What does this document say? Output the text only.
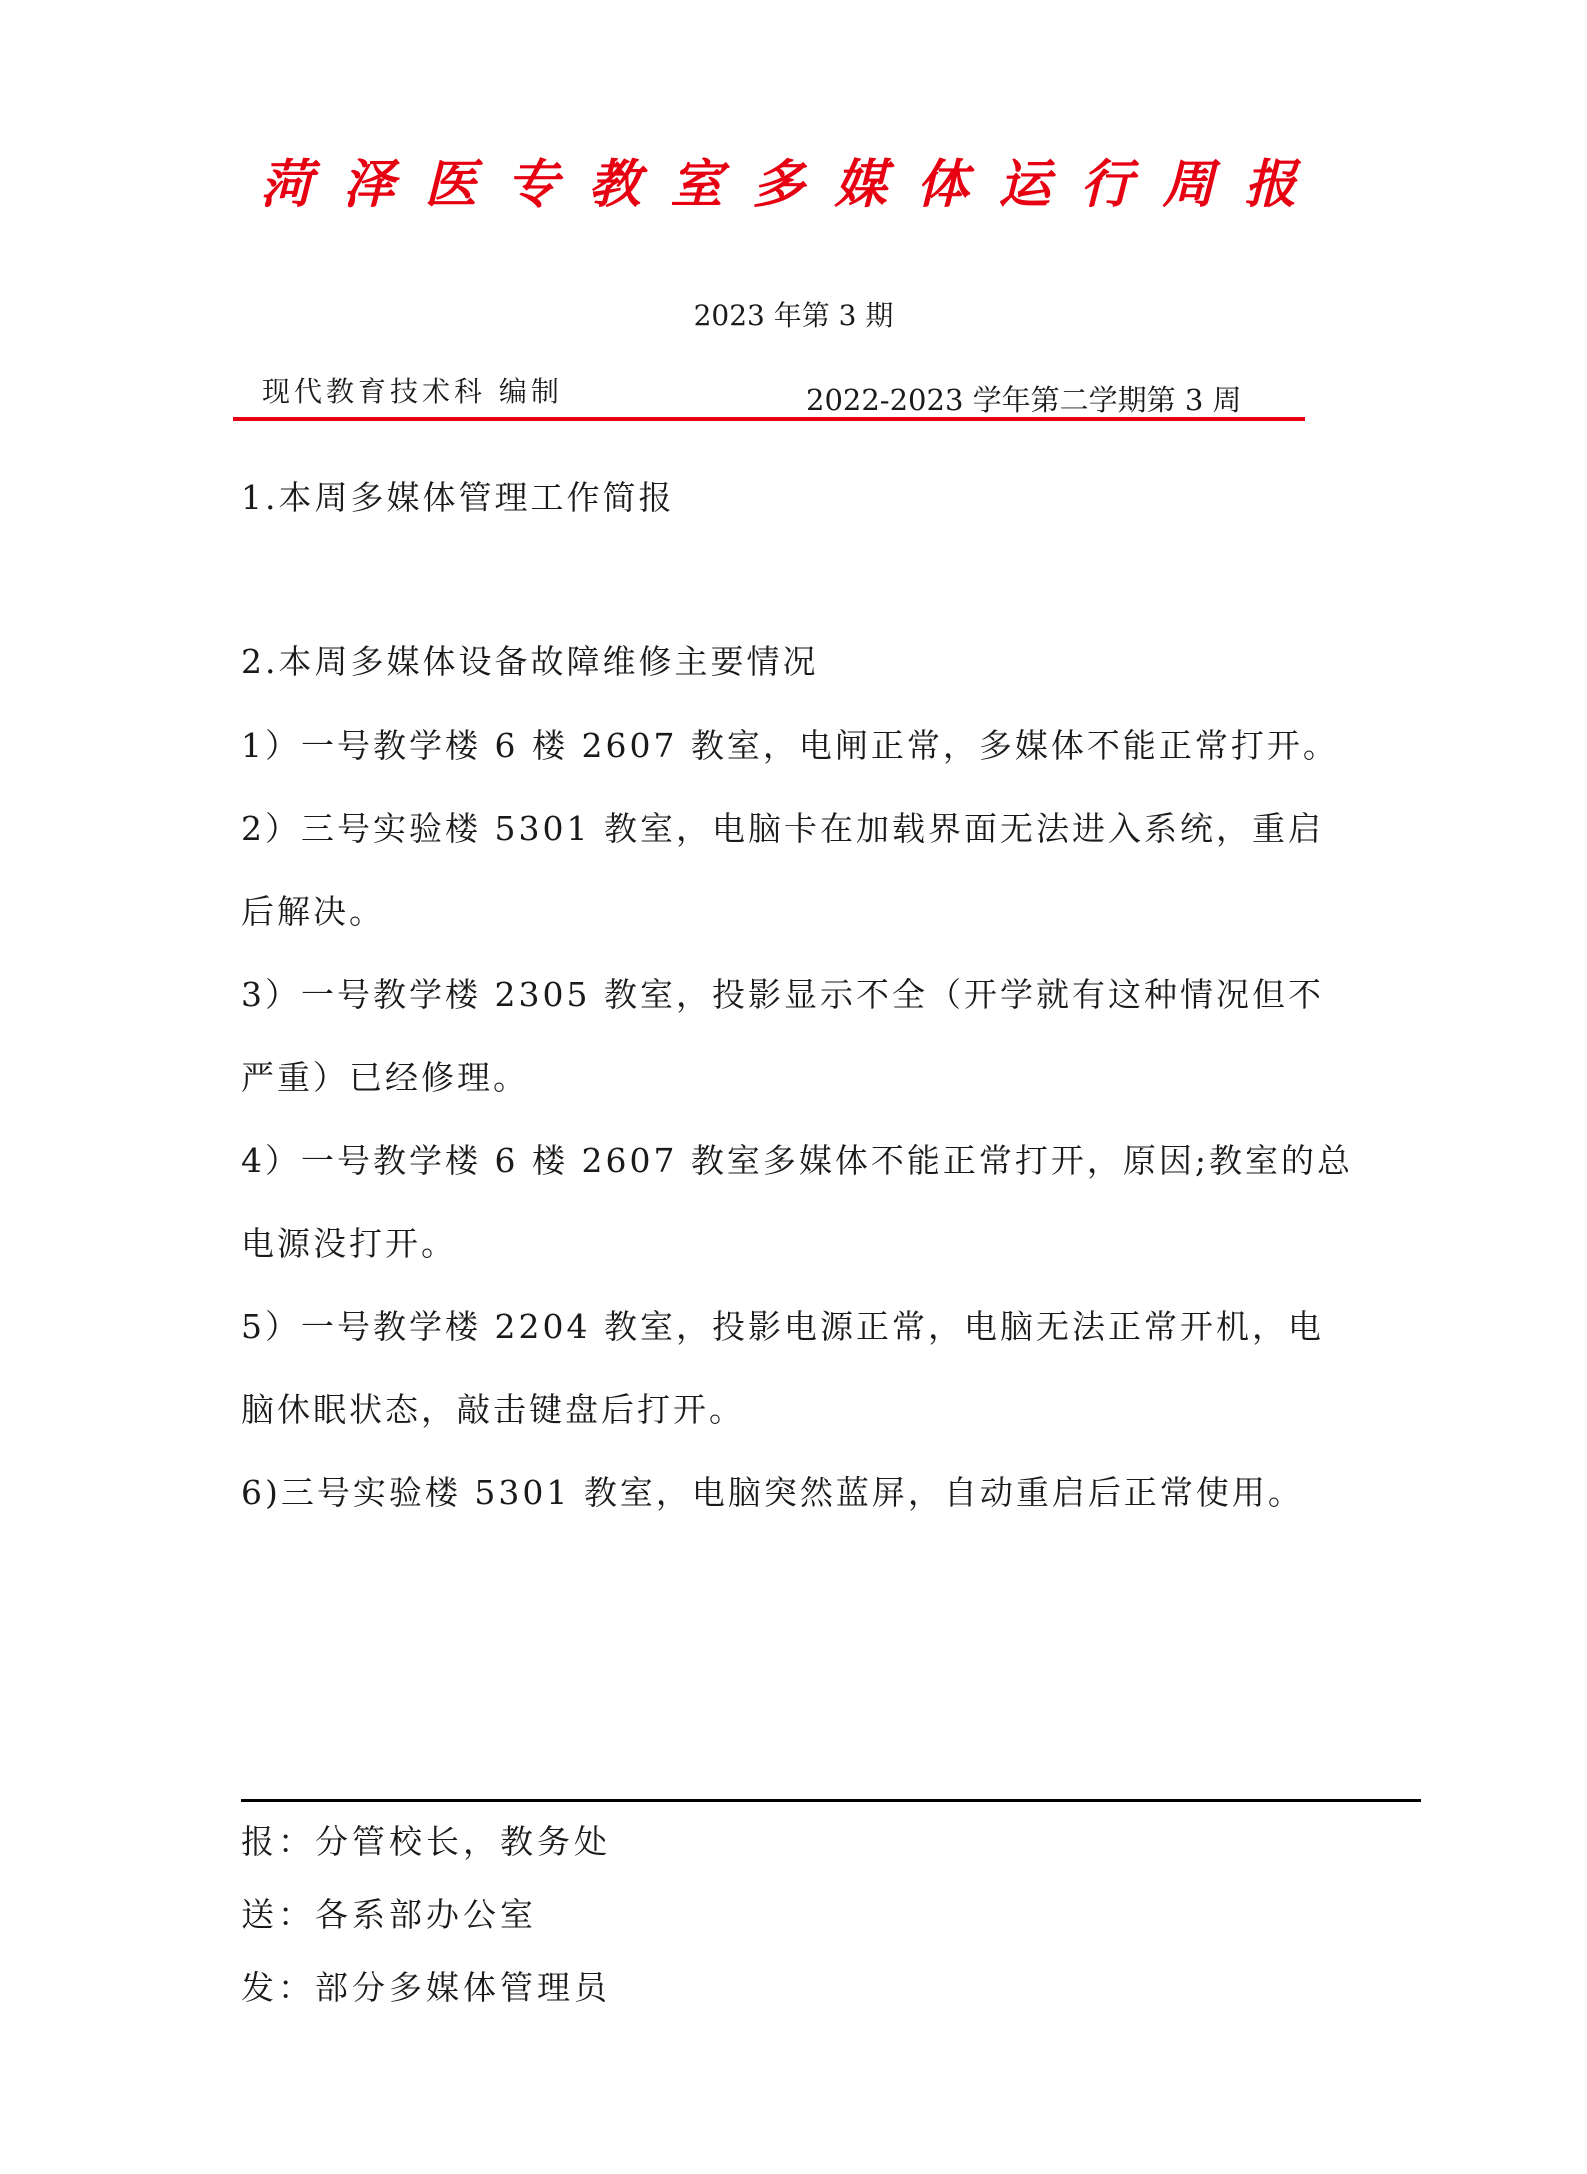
菏泽医专教室多媒体运行周报
2023 年第 3 期
现代教育技术科 编制	2022-2023 学年第二学期第 3 周
1.本周多媒体管理工作简报
2.本周多媒体设备故障维修主要情况

1）一号教学楼 6 楼 2607 教室，电闸正常，多媒体不能正常打开。

2）三号实验楼 5301 教室，电脑卡在加载界面无法进入系统，重启后解决。

3）一号教学楼 2305 教室，投影显示不全（开学就有这种情况但不严重）已经修理。

4）一号教学楼 6 楼 2607 教室多媒体不能正常打开，原因;教室的总电源没打开。

5）一号教学楼 2204 教室，投影电源正常，电脑无法正常开机，电脑休眠状态，敲击键盘后打开。

6)三号实验楼 5301 教室，电脑突然蓝屏，自动重启后正常使用。

报：分管校长，教务处

送：各系部办公室

发：部分多媒体管理员
